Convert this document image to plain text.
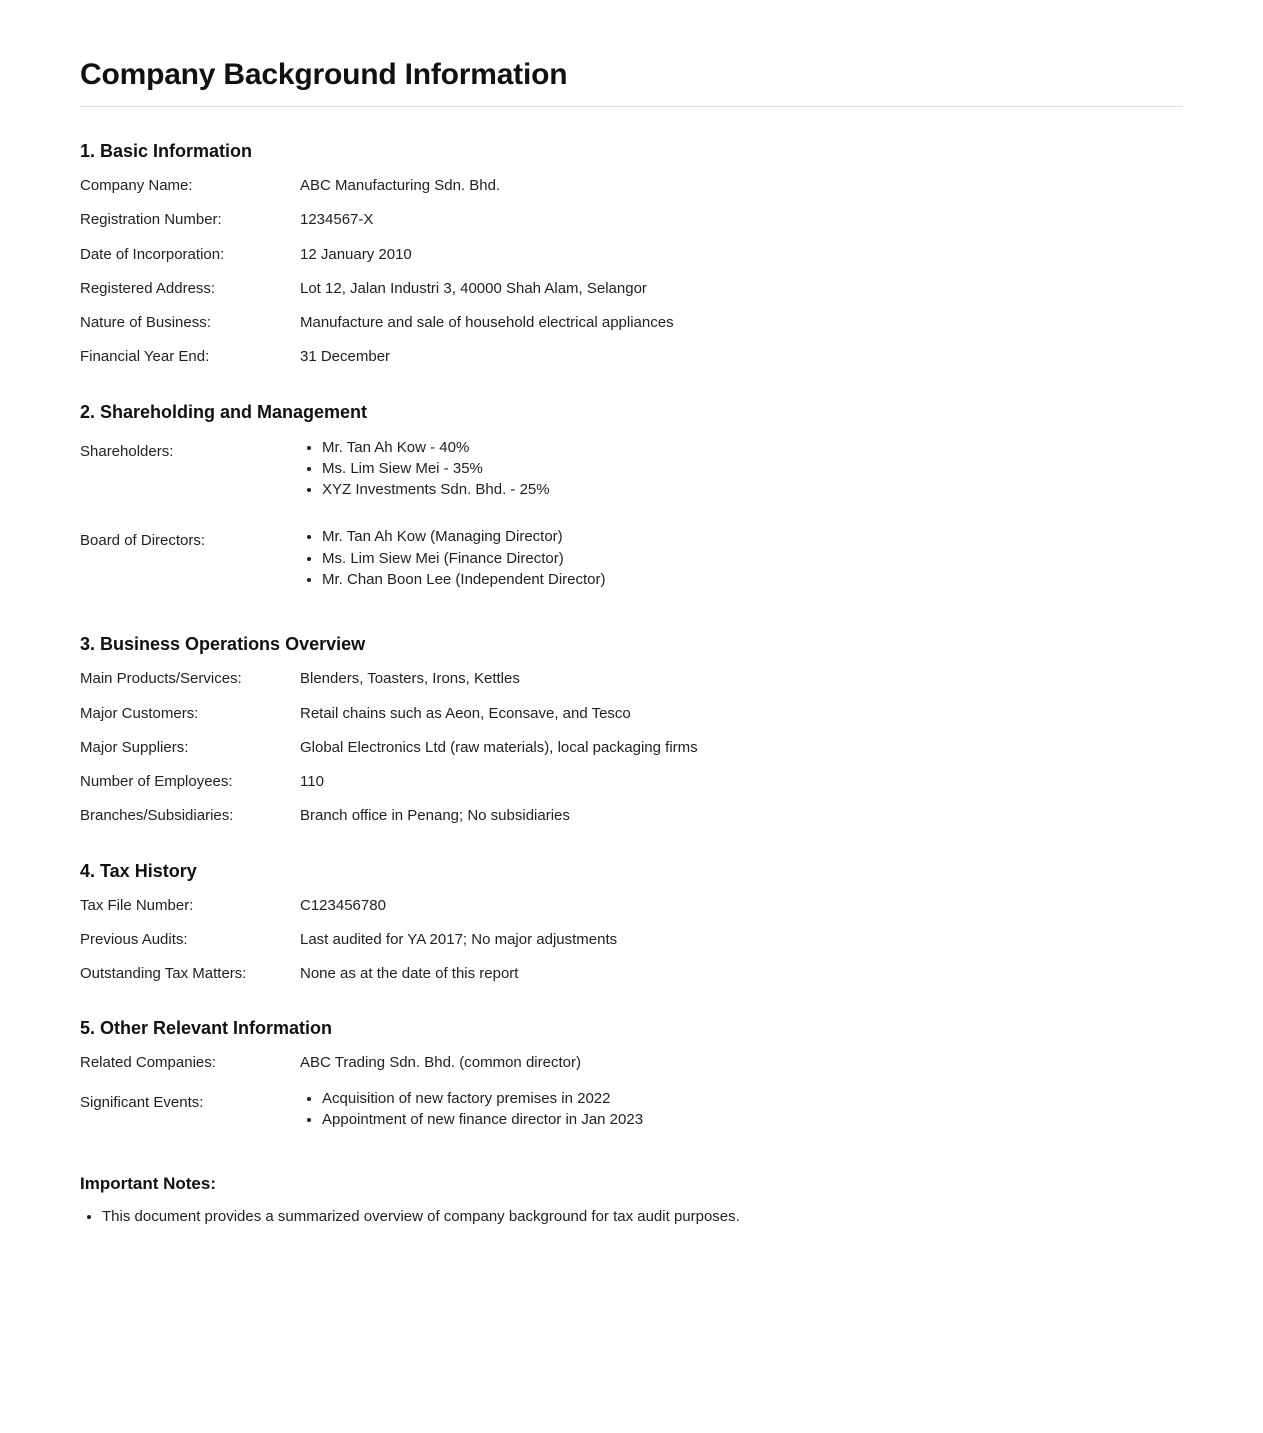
Company Background Information
1. Basic Information
Company Name:	ABC Manufacturing Sdn. Bhd.
Registration Number:	1234567-X
Date of Incorporation:	12 January 2010
Registered Address:	Lot 12, Jalan Industri 3, 40000 Shah Alam, Selangor
Nature of Business:	Manufacture and sale of household electrical appliances
Financial Year End:	31 December
2. Shareholding and Management
Shareholders:	• Mr. Tan Ah Kow - 40%
• Ms. Lim Siew Mei - 35%
• XYZ Investments Sdn. Bhd. - 25%
Board of Directors:	• Mr. Tan Ah Kow (Managing Director)
• Ms. Lim Siew Mei (Finance Director)
• Mr. Chan Boon Lee (Independent Director)
3. Business Operations Overview
Main Products/Services:	Blenders, Toasters, Irons, Kettles
Major Customers:	Retail chains such as Aeon, Econsave, and Tesco
Major Suppliers:	Global Electronics Ltd (raw materials), local packaging firms
Number of Employees:	110
Branches/Subsidiaries:	Branch office in Penang; No subsidiaries
4. Tax History
Tax File Number:	C123456780
Previous Audits:	Last audited for YA 2017; No major adjustments
Outstanding Tax Matters:	None as at the date of this report
5. Other Relevant Information
Related Companies:	ABC Trading Sdn. Bhd. (common director)
Significant Events:	• Acquisition of new factory premises in 2022
• Appointment of new finance director in Jan 2023
Important Notes:
• This document provides a summarized overview of company background for tax audit purposes.
